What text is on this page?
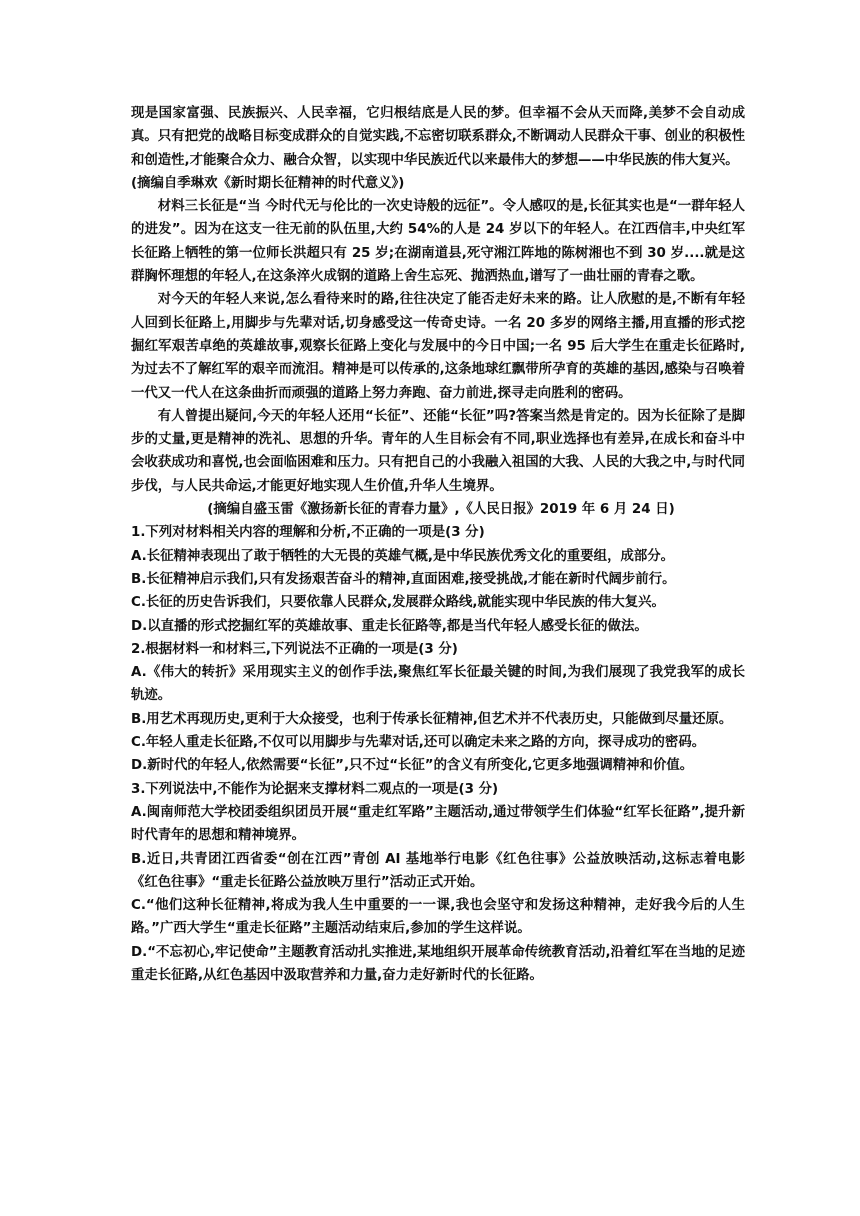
现是国家富强、民族振兴、人民幸福，它归根结底是人民的梦。但幸福不会从天而降,美梦不会自动成真。只有把党的战略目标变成群众的自觉实践,不忘密切联系群众,不断调动人民群众干事、创业的积极性和创造性,才能聚合众力、融合众智，以实现中华民族近代以来最伟大的梦想——中华民族的伟大复兴。

(摘编自季琳欢《新时期长征精神的时代意义》)

材料三长征是“当 今时代无与伦比的一次史诗般的远征”。令人感叹的是,长征其实也是“一群年轻人的进发”。因为在这支一往无前的队伍里,大约 54%的人是 24 岁以下的年轻人。在江西信丰,中央红军长征路上牺牲的第一位师长洪超只有 25 岁;在湖南道县,死守湘江阵地的陈树湘也不到 30 岁....就是这群胸怀理想的年轻人,在这条淬火成钢的道路上舍生忘死、抛洒热血,谱写了一曲壮丽的青春之歌。

对今天的年轻人来说,怎么看待来时的路,往往决定了能否走好未来的路。让人欣慰的是,不断有年轻人回到长征路上,用脚步与先辈对话,切身感受这一传奇史诗。一名 20 多岁的网络主播,用直播的形式挖掘红军艰苦卓绝的英雄故事,观察长征路上变化与发展中的今日中国;一名 95 后大学生在重走长征路时,为过去不了解红军的艰辛而流泪。精神是可以传承的,这条地球红飘带所孕育的英雄的基因,感染与召唤着一代又一代人在这条曲折而顽强的道路上努力奔跑、奋力前进,探寻走向胜利的密码。

有人曾提出疑问,今天的年轻人还用“长征”、还能“长征”吗?答案当然是肯定的。因为长征除了是脚步的丈量,更是精神的洗礼、思想的升华。青年的人生目标会有不同,职业选择也有差异,在成长和奋斗中会收获成功和喜悦,也会面临困难和压力。只有把自己的小我融入祖国的大我、人民的大我之中,与时代同步伐，与人民共命运,才能更好地实现人生价值,升华人生境界。

(摘编自盛玉雷《激扬新长征的青春力量》,《人民日报》2019 年 6 月 24 日)

1.下列对材料相关内容的理解和分析,不正确的一项是(3 分)

A.长征精神表现出了敢于牺牲的大无畏的英雄气概,是中华民族优秀文化的重要组，成部分。

B.长征精神启示我们,只有发扬艰苦奋斗的精神,直面困难,接受挑战,才能在新时代阔步前行。

C.长征的历史告诉我们，只要依靠人民群众,发展群众路线,就能实现中华民族的伟大复兴。

D.以直播的形式挖掘红军的英雄故事、重走长征路等,都是当代年轻人感受长征的做法。

2.根据材料一和材料三,下列说法不正确的一项是(3 分)

A.《伟大的转折》采用现实主义的创作手法,聚焦红军长征最关键的时间,为我们展现了我党我军的成长轨迹。

B.用艺术再现历史,更利于大众接受，也利于传承长征精神,但艺术并不代表历史，只能做到尽量还原。

C.年轻人重走长征路,不仅可以用脚步与先辈对话,还可以确定未来之路的方向，探寻成功的密码。

D.新时代的年轻人,依然需要“长征”,只不过“长征”的含义有所变化,它更多地强调精神和价值。

3.下列说法中,不能作为论据来支撑材料二观点的一项是(3 分)

A.闽南师范大学校团委组织团员开展“重走红军路”主题活动,通过带领学生们体验“红军长征路”,提升新时代青年的思想和精神境界。

B.近日,共青团江西省委“创在江西”青创 AI 基地举行电影《红色往事》公益放映活动,这标志着电影《红色往事》“重走长征路公益放映万里行”活动正式开始。

C.“他们这种长征精神,将成为我人生中重要的一一课,我也会坚守和发扬这种精神，走好我今后的人生路。”广西大学生“重走长征路”主题活动结束后,参加的学生这样说。

D.“不忘初心,牢记使命”主题教育活动扎实推进,某地组织开展革命传统教育活动,沿着红军在当地的足迹重走长征路,从红色基因中汲取营养和力量,奋力走好新时代的长征路。
